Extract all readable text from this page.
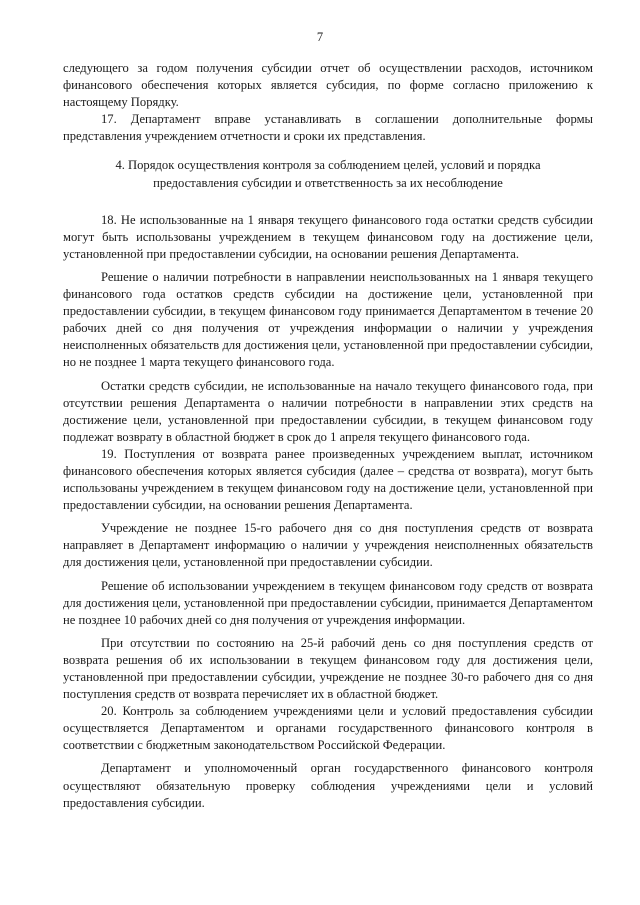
7

следующего за годом получения субсидии отчет об осуществлении расходов, источником финансового обеспечения которых является субсидия, по форме согласно приложению к настоящему Порядку.

17. Департамент вправе устанавливать в соглашении дополнительные формы представления учреждением отчетности и сроки их представления.

4. Порядок осуществления контроля за соблюдением целей, условий и порядка
предоставления субсидии и ответственность за их несоблюдение

18. Не использованные на 1 января текущего финансового года остатки средств субсидии могут быть использованы учреждением в текущем финансовом году на достижение цели, установленной при предоставлении субсидии, на основании решения Департамента.

Решение о наличии потребности в направлении неиспользованных на 1 января текущего финансового года остатков средств субсидии на достижение цели, установленной при предоставлении субсидии, в текущем финансовом году принимается Департаментом в течение 20 рабочих дней со дня получения от учреждения информации о наличии у учреждения неисполненных обязательств для достижения цели, установленной при предоставлении субсидии, но не позднее 1 марта текущего финансового года.

Остатки средств субсидии, не использованные на начало текущего финансового года, при отсутствии решения Департамента о наличии потребности в направлении этих средств на достижение цели, установленной при предоставлении субсидии, в текущем финансовом году подлежат возврату в областной бюджет в срок до 1 апреля текущего финансового года.

19. Поступления от возврата ранее произведенных учреждением выплат, источником финансового обеспечения которых является субсидия (далее – средства от возврата), могут быть использованы учреждением в текущем финансовом году на достижение цели, установленной при предоставлении субсидии, на основании решения Департамента.

Учреждение не позднее 15-го рабочего дня со дня поступления средств от возврата направляет в Департамент информацию о наличии у учреждения неисполненных обязательств для достижения цели, установленной при предоставлении субсидии.

Решение об использовании учреждением в текущем финансовом году средств от возврата для достижения цели, установленной при предоставлении субсидии, принимается Департаментом не позднее 10 рабочих дней со дня получения от учреждения информации.

При отсутствии по состоянию на 25-й рабочий день со дня поступления средств от возврата решения об их использовании в текущем финансовом году для достижения цели, установленной при предоставлении субсидии, учреждение не позднее 30-го рабочего дня со дня поступления средств от возврата перечисляет их в областной бюджет.

20. Контроль за соблюдением учреждениями цели и условий предоставления субсидии осуществляется Департаментом и органами государственного финансового контроля в соответствии с бюджетным законодательством Российской Федерации.

Департамент и уполномоченный орган государственного финансового контроля осуществляют обязательную проверку соблюдения учреждениями цели и условий предоставления субсидии.
